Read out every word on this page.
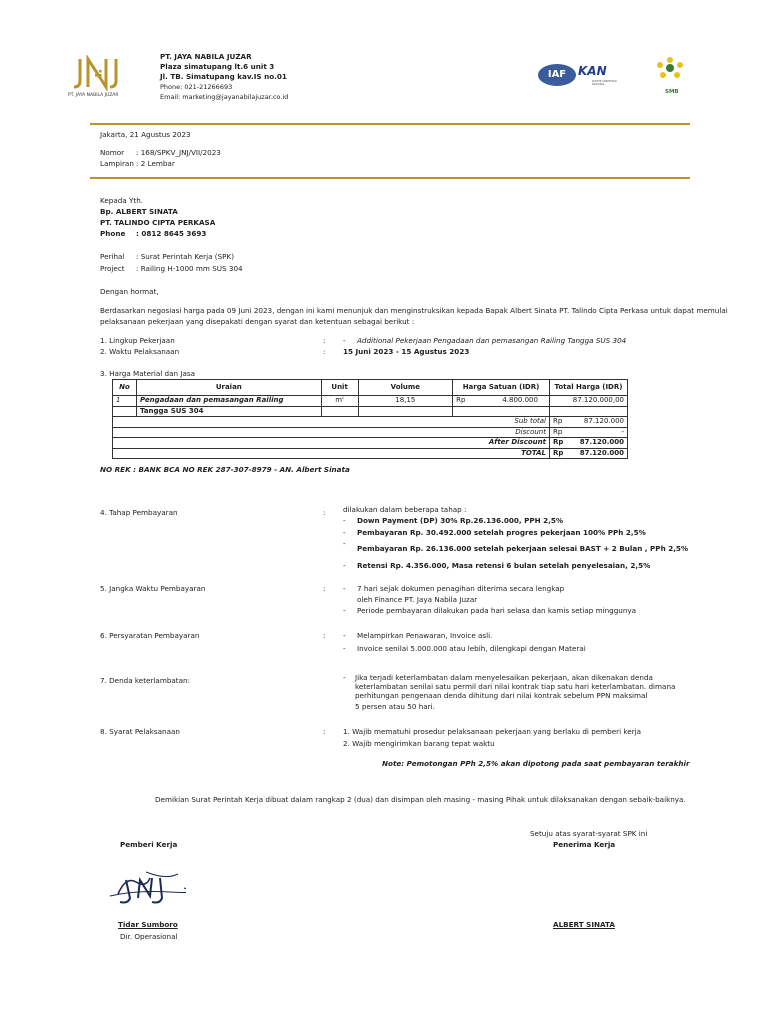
PT. JAYA NABILA JUZAR
PT. JAYA NABILA JUZAR
Plaza simatupang lt.6 unit 3
Jl. TB. Simatupang kav.IS no.01
Phone: 021-21266693
Email: marketing@jayanabilajuzar.co.id
IAF KAN
KOMITE AKREDITASI NASIONAL
SMB
Jakarta, 21 Agustus 2023
Nomor : 168/SPKV_JNJ/VII/2023
Lampiran : 2 Lembar
Kepada Yth.
Bp. ALBERT SINATA
PT. TALINDO CIPTA PERKASA
Phone : 0812 8645 3693
Perihal : Surat Perintah Kerja (SPK)
Project : Railing H-1000 mm SUS 304
Dengan hormat,
Berdasarkan negosiasi harga pada 09 Juni 2023, dengan ini kami menunjuk dan menginstruksikan kepada Bapak Albert Sinata PT. Talindo Cipta Perkasa untuk dapat memulai
pelaksanaan pekerjaan yang disepakati dengan syarat dan ketentuan sebagai berikut :
1. Lingkup Pekerjaan	: - Additional Pekerjaan Pengadaan dan pemasangan Railing Tangga SUS 304
2. Waktu Pelaksanaan	: 15 Juni 2023 - 15 Agustus 2023
3. Harga Material dan Jasa
No	Uraian	Unit	Volume	Harga Satuan (IDR)	Total Harga (IDR)
1	Pengadaan dan pemasangan Railing	m'	18,15	Rp 4.800.000	87.120.000,00
	Tangga SUS 304				
Sub total					Rp 87.120.000

Discount					Rp -

After Discount					Rp 87.120.000

TOTAL					Rp 87.120.000
NO REK : BANK BCA NO REK 287-307-8979 - AN. Albert Sinata
4. Tahap Pembayaran	: dilakukan dalam beberapa tahap :
- Down Payment (DP) 30% Rp.26.136.000, PPH 2,5%
- Pembayaran Rp. 30.492.000 setelah progres pekerjaan 100% PPh 2,5%
-
Pembayaran Rp. 26.136.000 setelah pekerjaan selesai BAST + 2 Bulan , PPh 2,5%
- Retensi Rp. 4.356.000, Masa retensi 6 bulan setelah penyelesaian, 2,5%
5. Jangka Waktu Pembayaran	: - 7 hari sejak dokumen penagihan diterima secara lengkap
oleh Finance PT. Jaya Nabila Juzar
- Periode pembayaran dilakukan pada hari selasa dan kamis setiap minggunya
6. Persyaratan Pembayaran	: - Melampirkan Penawaran, Invoice asli.
- Invoice senilai 5.000.000 atau lebih, dilengkapi dengan Materai
7. Denda keterlambatan:	- Jika terjadi keterlambatan dalam menyelesaikan pekerjaan, akan dikenakan denda
keterlambatan senilai satu permil dari nilai kontrak tiap satu hari keterlambatan. dimana
perhitungan pengenaan denda dihitung dari nilai kontrak sebelum PPN maksimal
5 persen atau 50 hari.
8. Syarat Pelaksanaan	: 1. Wajib mematuhi prosedur pelaksanaan pekerjaan yang berlaku di pemberi kerja
2. Wajib mengirimkan barang tepat waktu
Note: Pemotongan PPh 2,5% akan dipotong pada saat pembayaran terakhir
Demikian Surat Perintah Kerja dibuat dalam rangkap 2 (dua) dan disimpan oleh masing - masing Pihak untuk dilaksanakan dengan sebaik-baiknya.
Setuju atas syarat-syarat SPK ini
Pemberi Kerja	Penerima Kerja
Tidar Sumboro
Dir. Operasional
ALBERT SINATA
